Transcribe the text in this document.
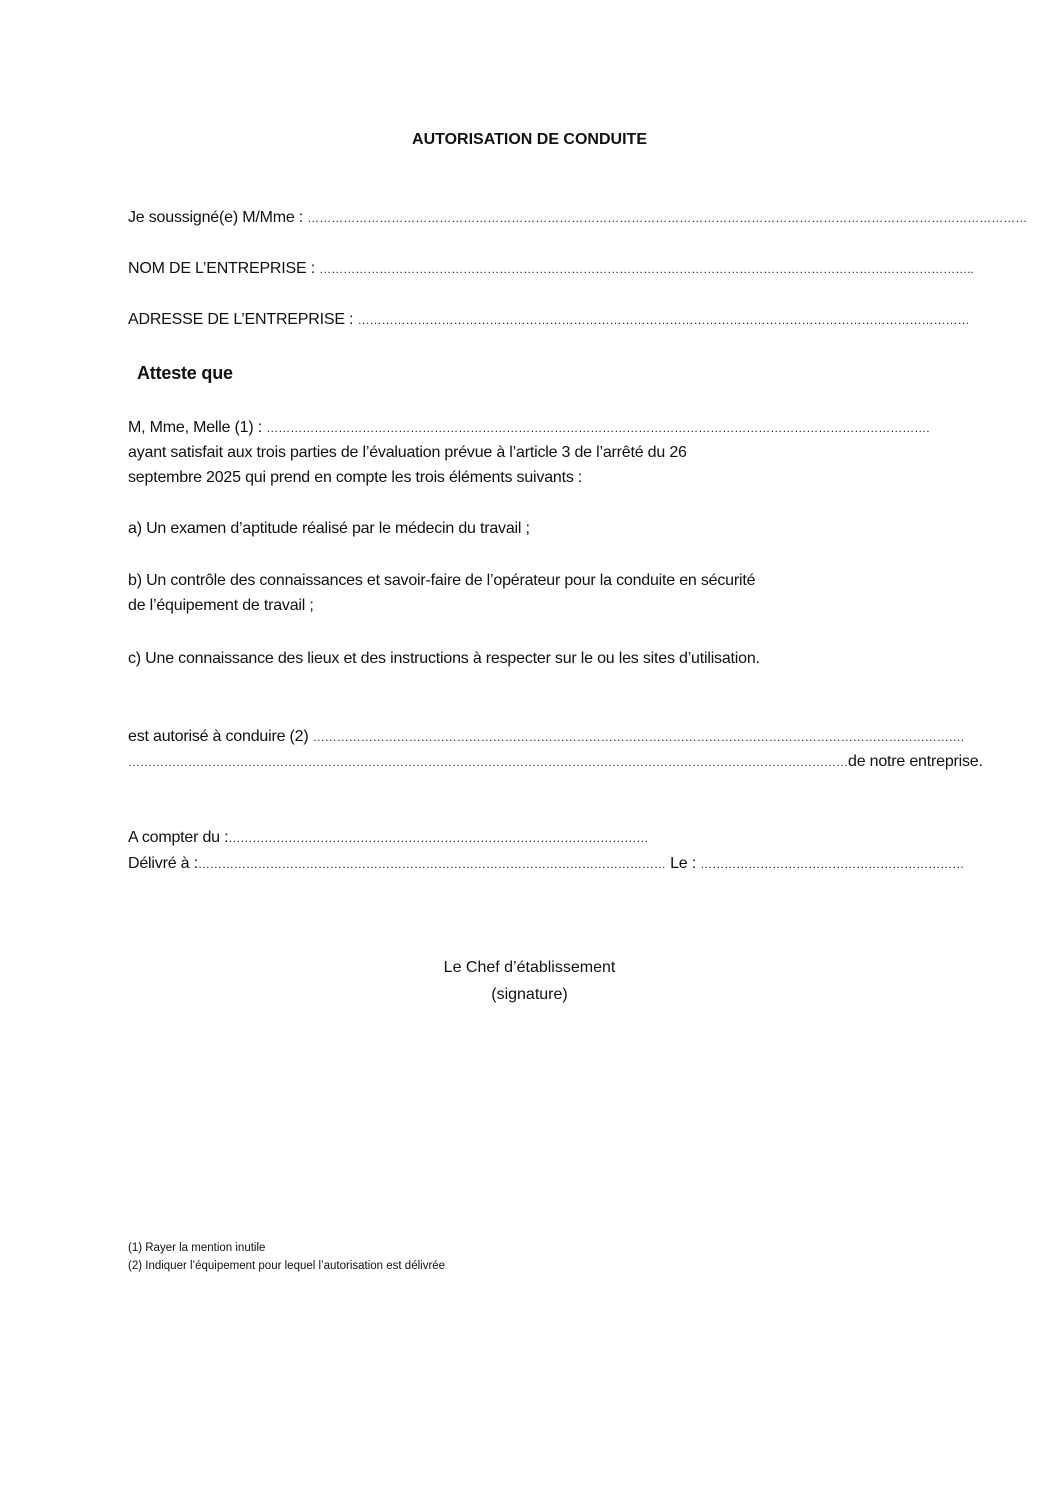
AUTORISATION DE CONDUITE
Je soussigné(e) M/Mme : ………………………………………………………………………………………………………………………………………………………………
NOM DE L’ENTREPRISE : ………………………………………………………………………………………………………………………………………………..
ADRESSE DE L’ENTREPRISE : ………………………………………………………………………………………………………………………………………
Atteste que
M, Mme, Melle (1) : ………………………………………………………………………………………………………………………………………………….
ayant satisfait aux trois parties de l’évaluation prévue à l’article 3 de l’arrêté du 26
septembre 2025 qui prend en compte les trois éléments suivants :
a) Un examen d’aptitude réalisé par le médecin du travail ;
b) Un contrôle des connaissances et savoir-faire de l’opérateur pour la conduite en sécurité
de l’équipement de travail ;
c) Une connaissance des lieux et des instructions à respecter sur le ou les sites d’utilisation.
est autorisé à conduire (2) ……………………………………………………………………………………………………………………………………………….
………………………………………………………………………………………………………………………………………………………………de notre entreprise.
A compter du :……………………………………………………………………………………………
Délivré à :……………………………………………………………………………………………………… Le : …………………………………………………………
Le Chef d’établissement
(signature)
(1) Rayer la mention inutile
(2) Indiquer l’équipement pour lequel l’autorisation est délivrée
